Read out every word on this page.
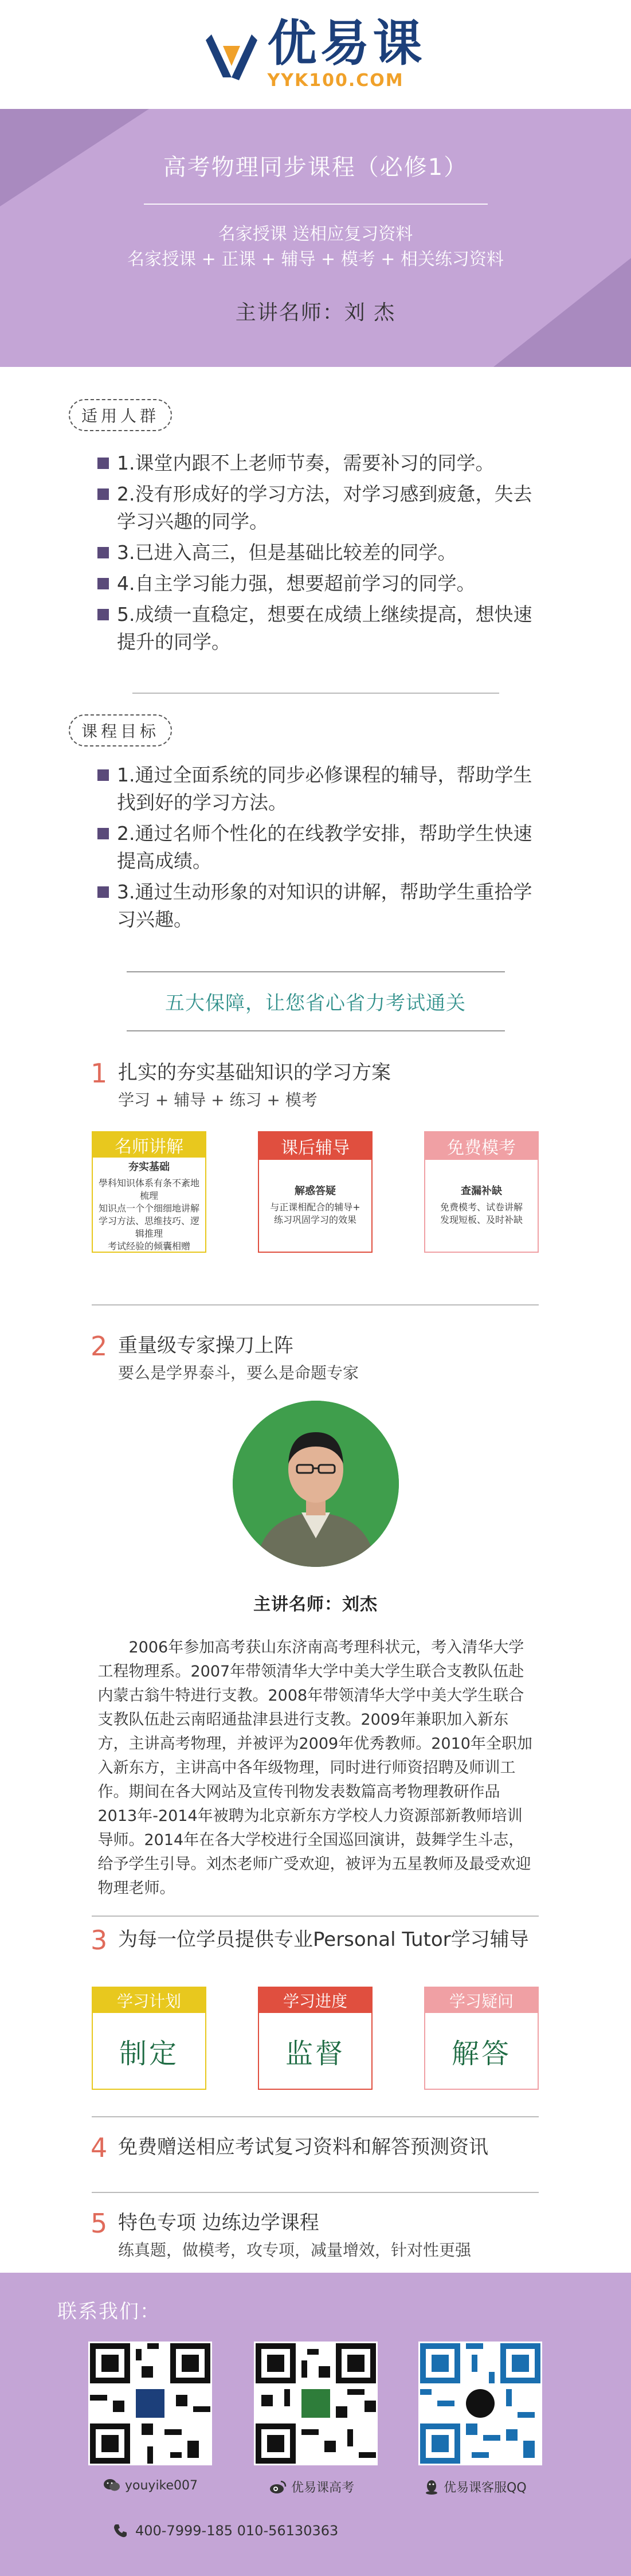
优易课
YYK100.COM
高考物理同步课程（必修1）
名家授课 送相应复习资料
名家授课 + 正课 + 辅导 + 模考 + 相关练习资料
主讲名师：刘 杰
适用人群
1.课堂内跟不上老师节奏，需要补习的同学。
2.没有形成好的学习方法，对学习感到疲惫，失去学习兴趣的同学。
3.已进入高三，但是基础比较差的同学。
4.自主学习能力强，想要超前学习的同学。
5.成绩一直稳定，想要在成绩上继续提高，想快速提升的同学。
课程目标
1.通过全面系统的同步必修课程的辅导，帮助学生找到好的学习方法。
2.通过名师个性化的在线教学安排，帮助学生快速提高成绩。
3.通过生动形象的对知识的讲解，帮助学生重拾学习兴趣。
五大保障，让您省心省力考试通关
1 扎实的夯实基础知识的学习方案
学习 + 辅导 + 练习 + 模考
名师讲解
夯实基础
學科知识体系有条不紊地梳理
知识点一个个细细地讲解
学习方法、思维技巧、逻辑推理
考试经验的倾囊相赠
课后辅导
解惑答疑
与正课相配合的辅导+
练习巩固学习的效果
免费模考
查漏补缺
免费模考、试卷讲解
发现短板、及时补缺
2 重量级专家操刀上阵
要么是学界泰斗，要么是命题专家
主讲名师：刘杰
2006年参加高考获山东济南高考理科状元，考入清华大学工程物理系。2007年带领清华大学中美大学生联合支教队伍赴内蒙古翁牛特进行支教。2008年带领清华大学中美大学生联合支教队伍赴云南昭通盐津县进行支教。2009年兼职加入新东方，主讲高考物理，并被评为2009年优秀教师。2010年全职加入新东方，主讲高中各年级物理，同时进行师资招聘及师训工作。期间在各大网站及宣传刊物发表数篇高考物理教研作品2013年-2014年被聘为北京新东方学校人力资源部新教师培训导师。2014年在各大学校进行全国巡回演讲，鼓舞学生斗志，给予学生引导。刘杰老师广受欢迎，被评为五星教师及最受欢迎物理老师。
3 为每一位学员提供专业Personal Tutor学习辅导
学习计划
制定
学习进度
监督
学习疑问
解答
4 免费赠送相应考试复习资料和解答预测资讯
5 特色专项 边练边学课程
练真题，做模考，攻专项，减量增效，针对性更强
联系我们：
youyike007	优易课高考	优易课客服QQ
400-7999-185 010-56130363
